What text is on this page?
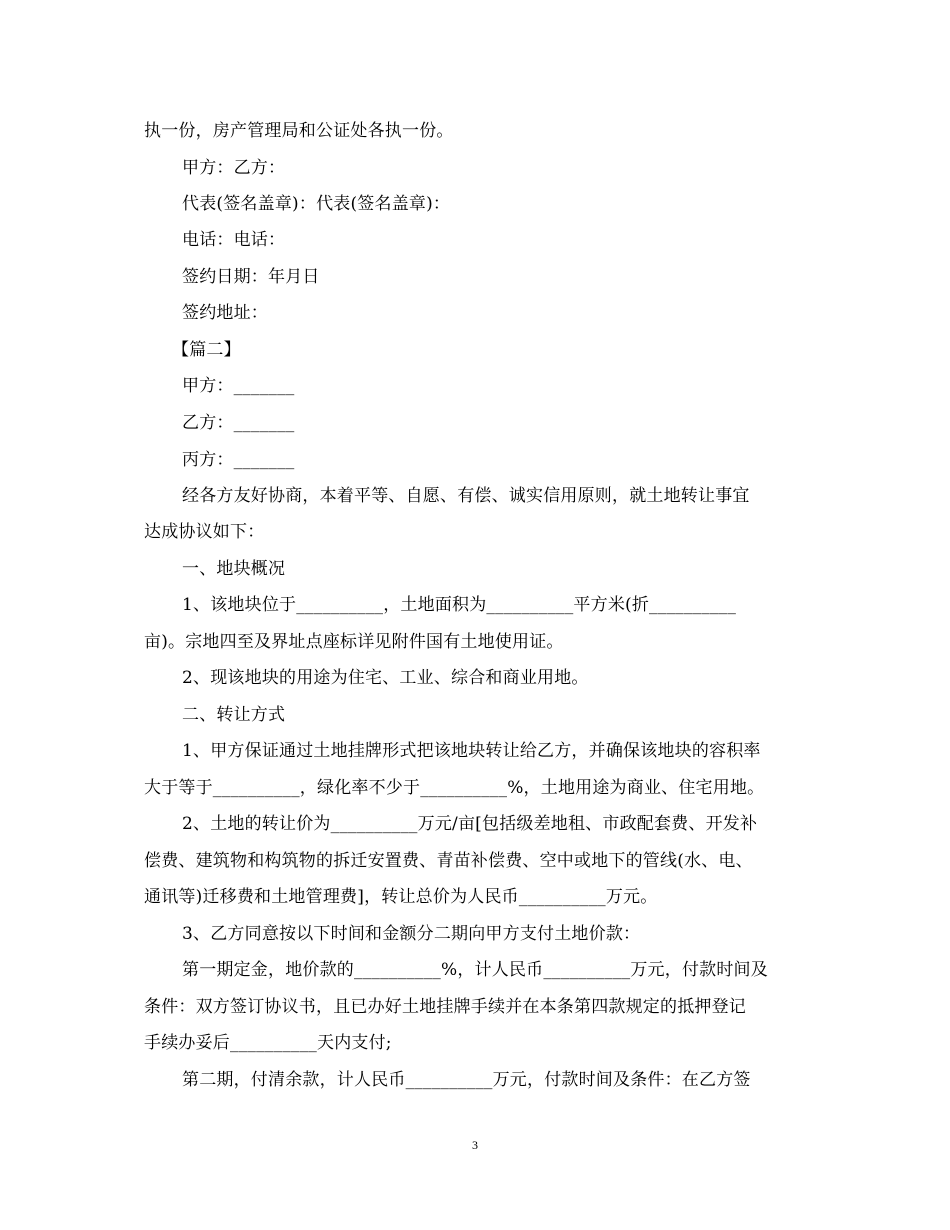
执一份，房产管理局和公证处各执一份。
甲方：乙方：
代表(签名盖章)：代表(签名盖章)：
电话：电话：
签约日期：年月日
签约地址：
【篇二】
甲方：_______
乙方：_______
丙方：_______
经各方友好协商，本着平等、自愿、有偿、诚实信用原则，就土地转让事宜
达成协议如下：
一、地块概况
1、该地块位于__________，土地面积为__________平方米(折__________
亩)。宗地四至及界址点座标详见附件国有土地使用证。
2、现该地块的用途为住宅、工业、综合和商业用地。
二、转让方式
1、甲方保证通过土地挂牌形式把该地块转让给乙方，并确保该地块的容积率
大于等于__________，绿化率不少于__________%，土地用途为商业、住宅用地。
2、土地的转让价为__________万元/亩[包括级差地租、市政配套费、开发补
偿费、建筑物和构筑物的拆迁安置费、青苗补偿费、空中或地下的管线(水、电、
通讯等)迁移费和土地管理费]，转让总价为人民币__________万元。
3、乙方同意按以下时间和金额分二期向甲方支付土地价款：
第一期定金，地价款的__________%，计人民币__________万元，付款时间及
条件：双方签订协议书，且已办好土地挂牌手续并在本条第四款规定的抵押登记
手续办妥后__________天内支付;
第二期，付清余款，计人民币__________万元，付款时间及条件：在乙方签
3
